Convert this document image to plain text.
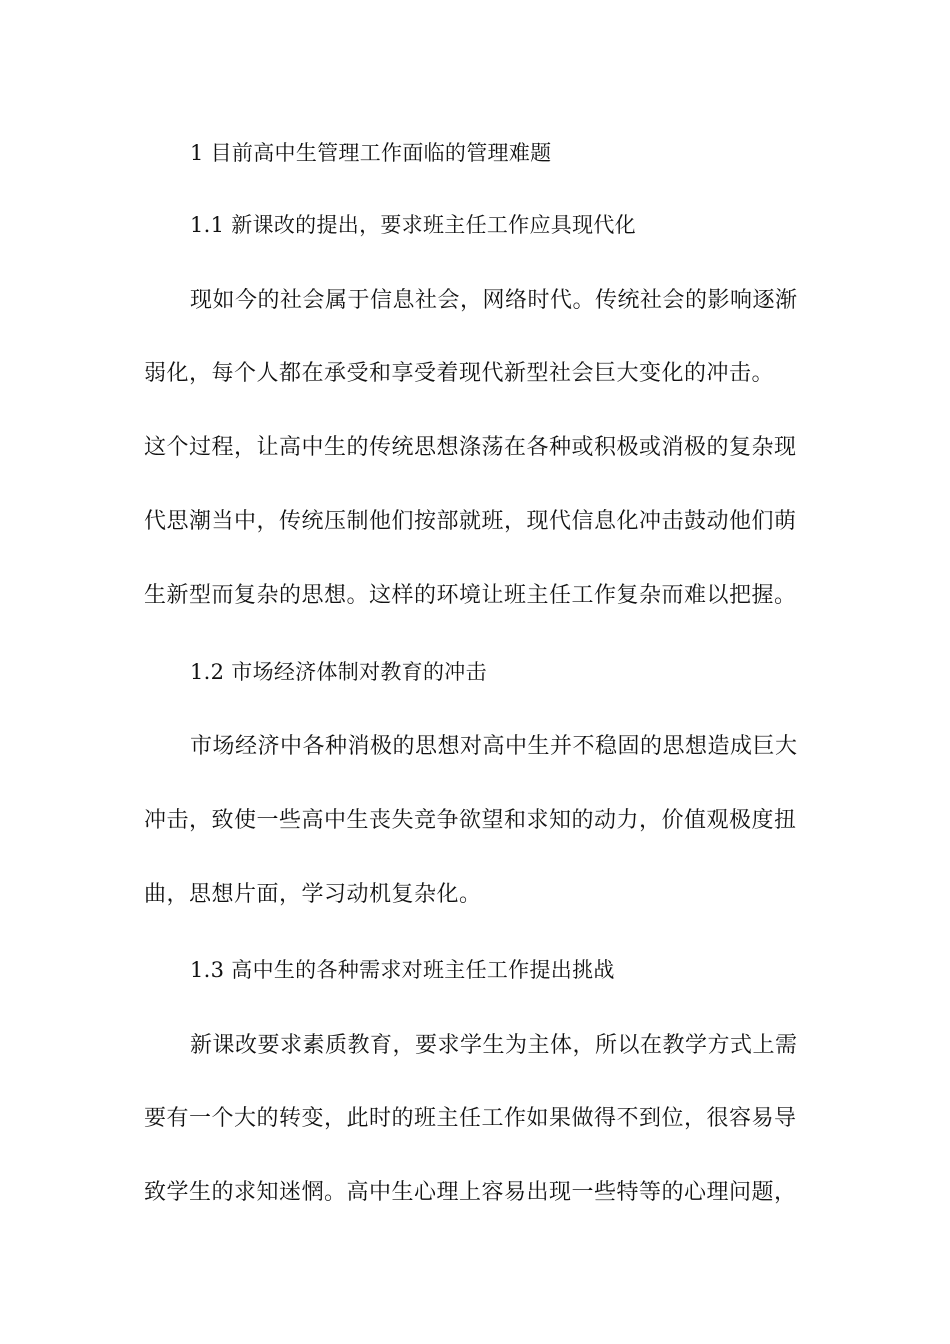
1 目前高中生管理工作面临的管理难题
1.1 新课改的提出，要求班主任工作应具现代化
现如今的社会属于信息社会，网络时代。传统社会的影响逐渐
弱化，每个人都在承受和享受着现代新型社会巨大变化的冲击。
这个过程，让高中生的传统思想涤荡在各种或积极或消极的复杂现
代思潮当中，传统压制他们按部就班，现代信息化冲击鼓动他们萌
生新型而复杂的思想。这样的环境让班主任工作复杂而难以把握。
1.2 市场经济体制对教育的冲击
市场经济中各种消极的思想对高中生并不稳固的思想造成巨大
冲击，致使一些高中生丧失竞争欲望和求知的动力，价值观极度扭
曲，思想片面，学习动机复杂化。
1.3 高中生的各种需求对班主任工作提出挑战
新课改要求素质教育，要求学生为主体，所以在教学方式上需
要有一个大的转变，此时的班主任工作如果做得不到位，很容易导
致学生的求知迷惘。高中生心理上容易出现一些特等的心理问题，
